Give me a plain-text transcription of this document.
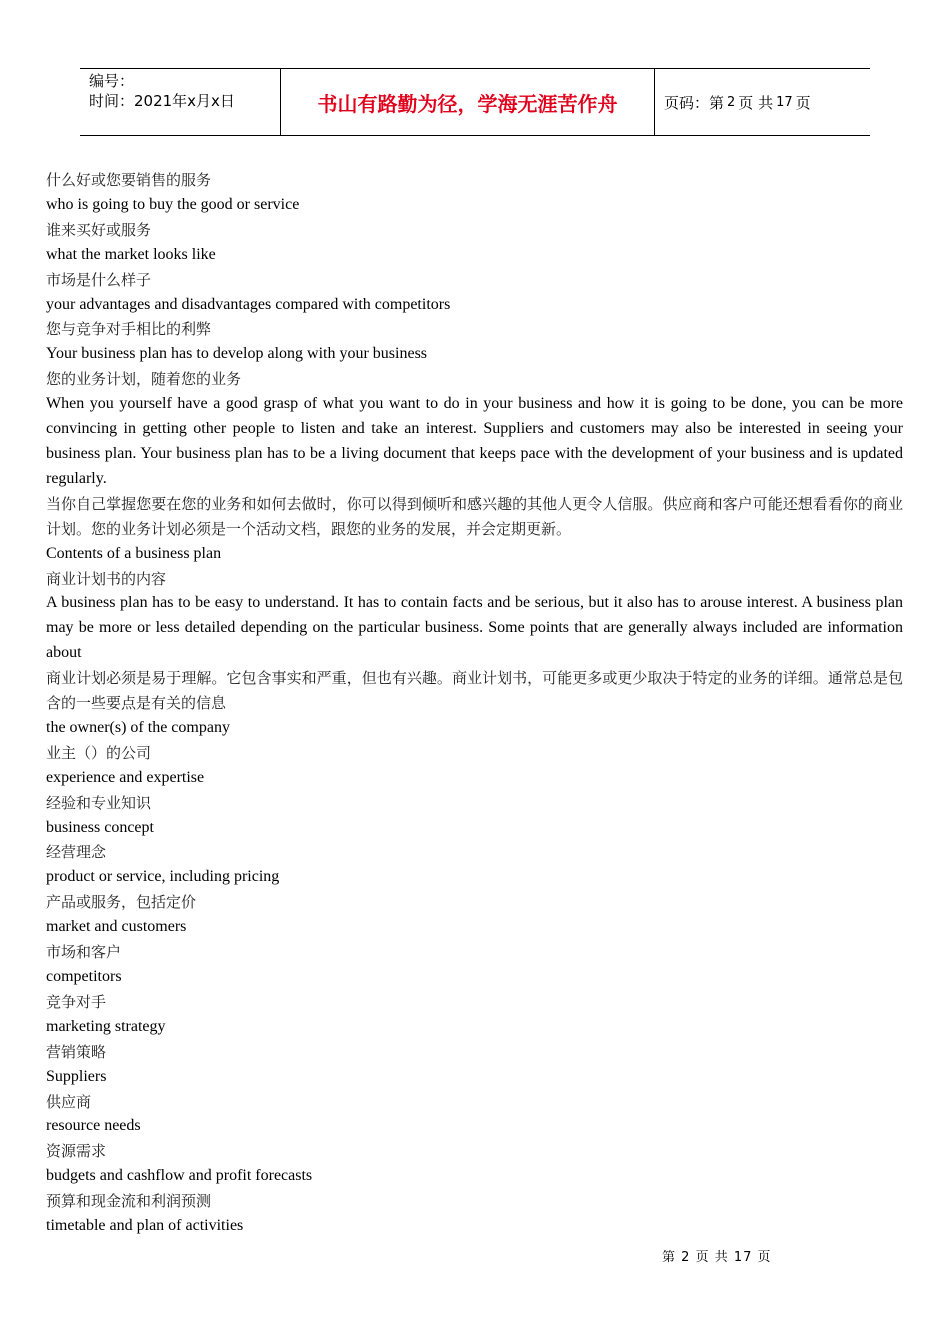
编号：
时间：2021年x月x日	书山有路勤为径，学海无涯苦作舟	页码：第 2 页 共 17 页

什么好或您要销售的服务

who is going to buy the good or service

谁来买好或服务

what the market looks like

市场是什么样子

your advantages and disadvantages compared with competitors

您与竞争对手相比的利弊

Your business plan has to develop along with your business

您的业务计划，随着您的业务

When you yourself have a good grasp of what you want to do in your business and how it is going to be done, you can be more convincing in getting other people to listen and take an interest. Suppliers and customers may also be interested in seeing your business plan. Your business plan has to be a living document that keeps pace with the development of your business and is updated regularly.

当你自己掌握您要在您的业务和如何去做时，你可以得到倾听和感兴趣的其他人更令人信服。供应商和客户可能还想看看你的商业计划。您的业务计划必须是一个活动文档，跟您的业务的发展，并会定期更新。

Contents of a business plan

商业计划书的内容

A business plan has to be easy to understand. It has to contain facts and be serious, but it also has to arouse interest. A business plan may be more or less detailed depending on the particular business. Some points that are generally always included are information about

商业计划必须是易于理解。它包含事实和严重，但也有兴趣。商业计划书，可能更多或更少取决于特定的业务的详细。通常总是包含的一些要点是有关的信息

the owner(s) of the company

业主（）的公司

experience and expertise

经验和专业知识

business concept

经营理念

product or service, including pricing

产品或服务，包括定价

market and customers

市场和客户

competitors

竞争对手

marketing strategy

营销策略

Suppliers

供应商

resource needs

资源需求

budgets and cashflow and profit forecasts

预算和现金流和利润预测

timetable and plan of activities

第 2 页 共 17 页
